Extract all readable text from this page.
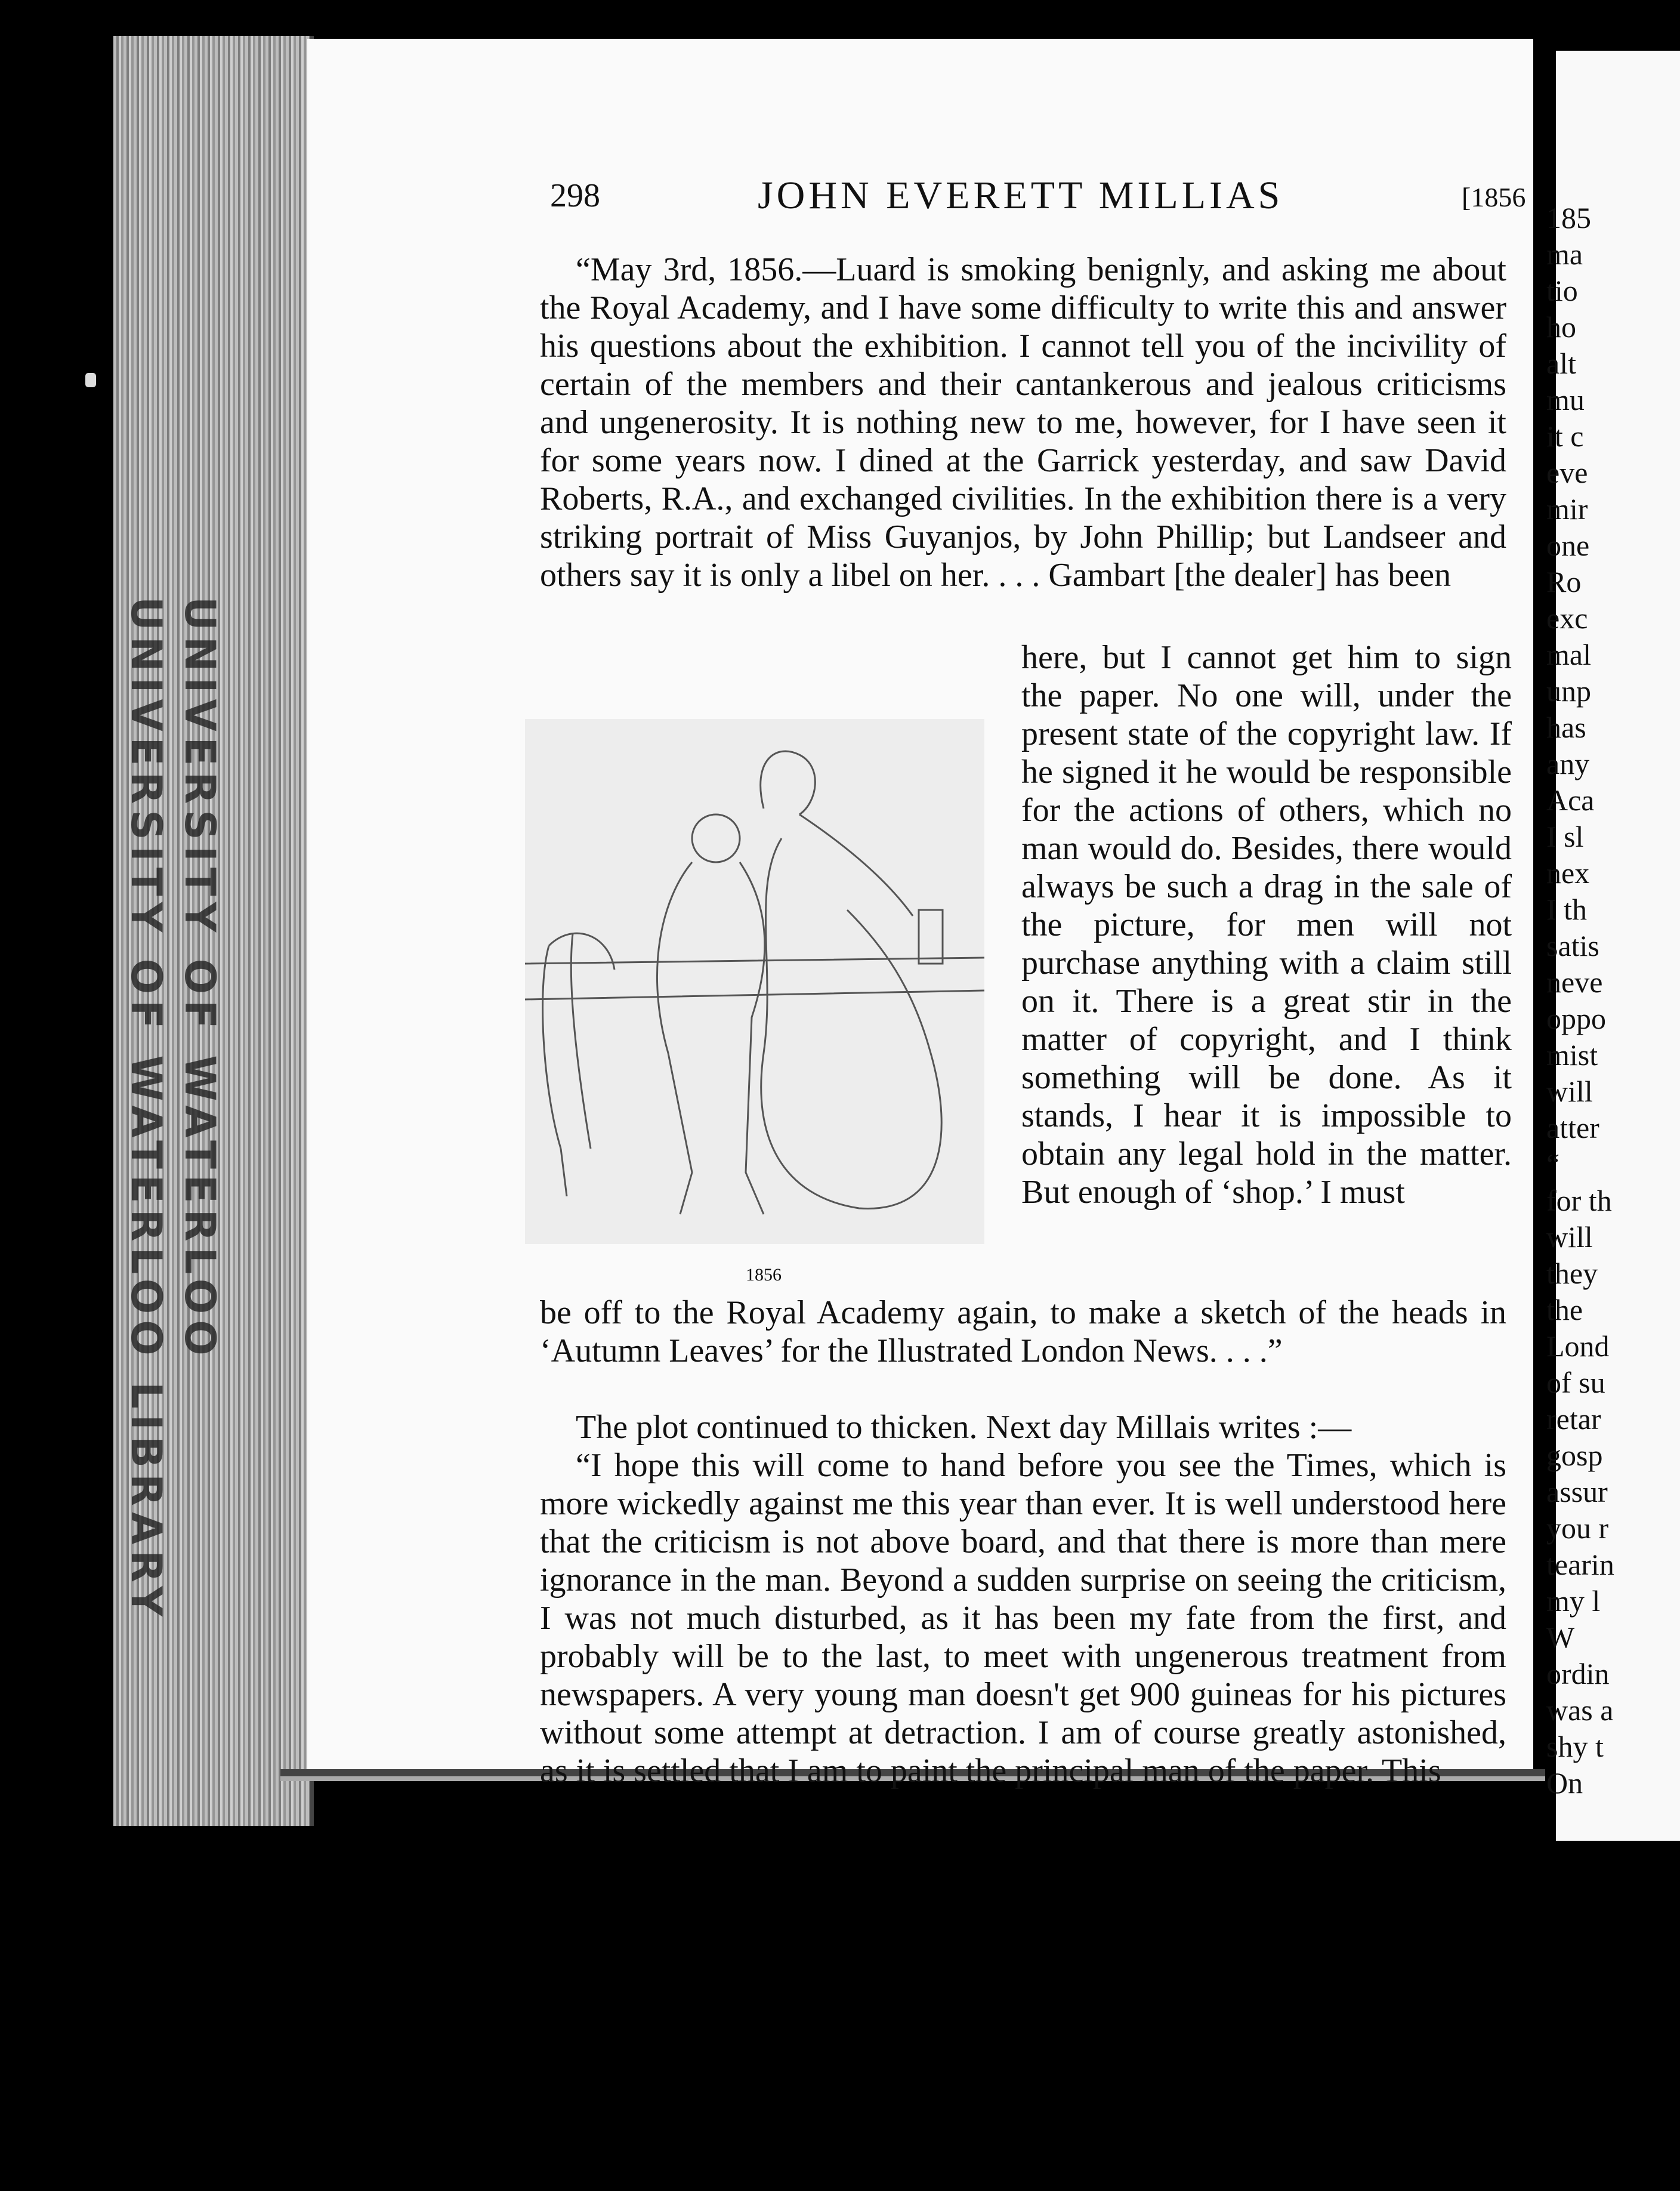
UNIVERSITY OF WATERLOO
UNIVERSITY OF WATERLOO LIBRARY
185
ma
tio
ho
alt
mu
it c
eve
mir
one
Ro
exc
mal
unp
has
any
Aca
I sl
nex
I th
satis
neve
oppo
mist
will
atter
“
for th
will
they
the
Lond
of su
retar
gosp
assur
you r
tearin
my l
W
ordin
was a
shy t
On
298	JOHN EVERETT MILLIAS	[1856

“May 3rd, 1856.—Luard is smoking benignly, and asking me about the Royal Academy, and I have some difficulty to write this and answer his questions about the exhibition. I cannot tell you of the incivility of certain of the members and their cantankerous and jealous criticisms and ungenerosity. It is nothing new to me, however, for I have seen it for some years now. I dined at the Garrick yesterday, and saw David Roberts, R.A., and exchanged civilities. In the exhibition there is a very striking portrait of Miss Guyanjos, by John Phillip; but Landseer and others say it is only a libel on her. . . . Gambart [the dealer] has been

1856

here, but I cannot get him to sign the paper. No one will, under the present state of the copyright law. If he signed it he would be responsible for the actions of others, which no man would do. Besides, there would always be such a drag in the sale of the picture, for men will not purchase anything with a claim still on it. There is a great stir in the matter of copyright, and I think something will be done. As it stands, I hear it is impossible to obtain any legal hold in the matter. But enough of ‘shop.’ I must

be off to the Royal Academy again, to make a sketch of the heads in ‘Autumn Leaves’ for the Illustrated London News. . . .”

The plot continued to thicken. Next day Millais writes :—

“I hope this will come to hand before you see the Times, which is more wickedly against me this year than ever. It is well understood here that the criticism is not above board, and that there is more than mere ignorance in the man. Beyond a sudden surprise on seeing the criticism, I was not much disturbed, as it has been my fate from the first, and probably will be to the last, to meet with ungenerous treatment from newspapers. A very young man doesn't get 900 guineas for his pictures without some attempt at detraction. I am of course greatly astonished, as it is settled that I am to paint the principal man of the paper. This
